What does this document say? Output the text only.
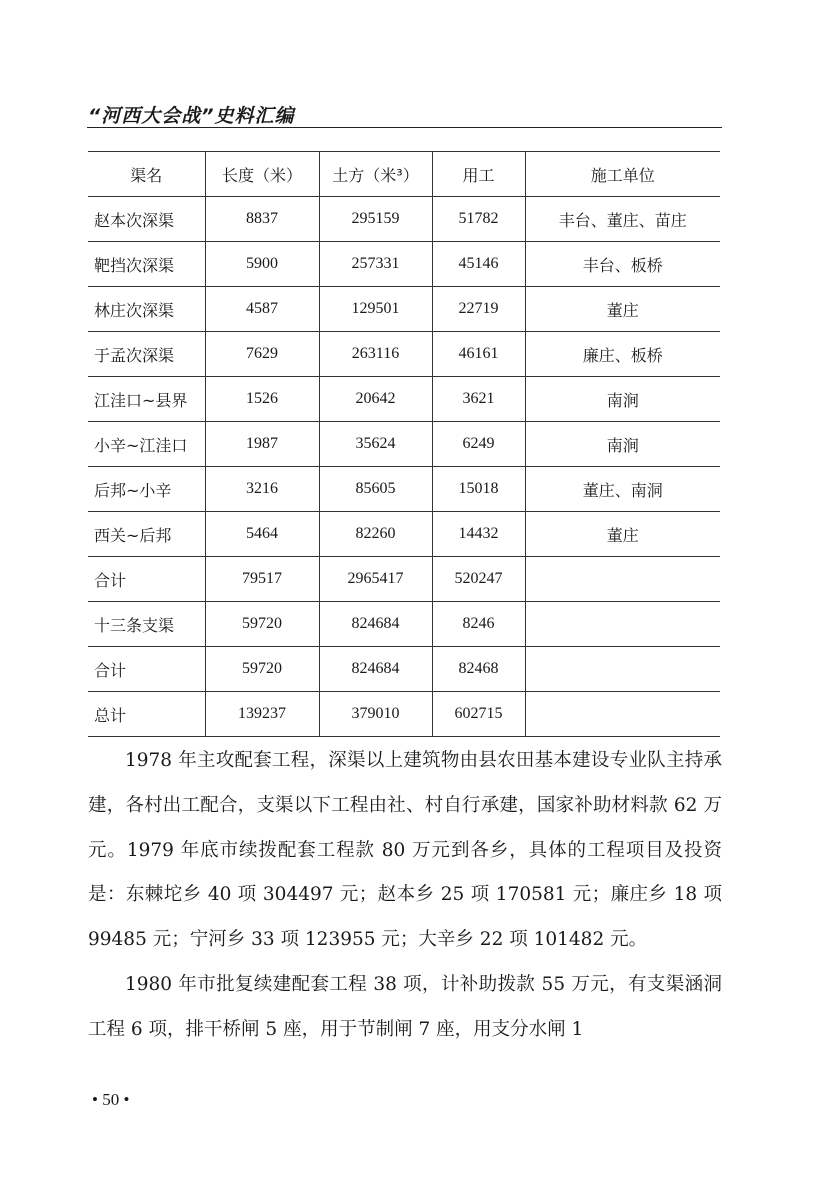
“河西大会战”史料汇编
渠名	长度（米）	土方（米³）	用工	施工单位
赵本次深渠	8837	295159	51782	丰台、董庄、苗庄
靶挡次深渠	5900	257331	45146	丰台、板桥
林庄次深渠	4587	129501	22719	董庄
于孟次深渠	7629	263116	46161	廉庄、板桥
江洼口~县界	1526	20642	3621	南涧
小辛~江洼口	1987	35624	6249	南涧
后邦~小辛	3216	85605	15018	董庄、南洞
西关~后邦	5464	82260	14432	董庄
合计	79517	2965417	520247	
十三条支渠	59720	824684	8246	
合计	59720	824684	82468	
总计	139237	379010	602715	

1978 年主攻配套工程，深渠以上建筑物由县农田基本建设专业队主持承建，各村出工配合，支渠以下工程由社、村自行承建，国家补助材料款 62 万元。1979 年底市续拨配套工程款 80 万元到各乡，具体的工程项目及投资是：东棘坨乡 40 项 304497 元；赵本乡 25 项 170581 元；廉庄乡 18 项 99485 元；宁河乡 33 项 123955 元；大辛乡 22 项 101482 元。

1980 年市批复续建配套工程 38 项，计补助拨款 55 万元，有支渠涵洞工程 6 项，排干桥闸 5 座，用于节制闸 7 座，用支分水闸 1

• 50 •
